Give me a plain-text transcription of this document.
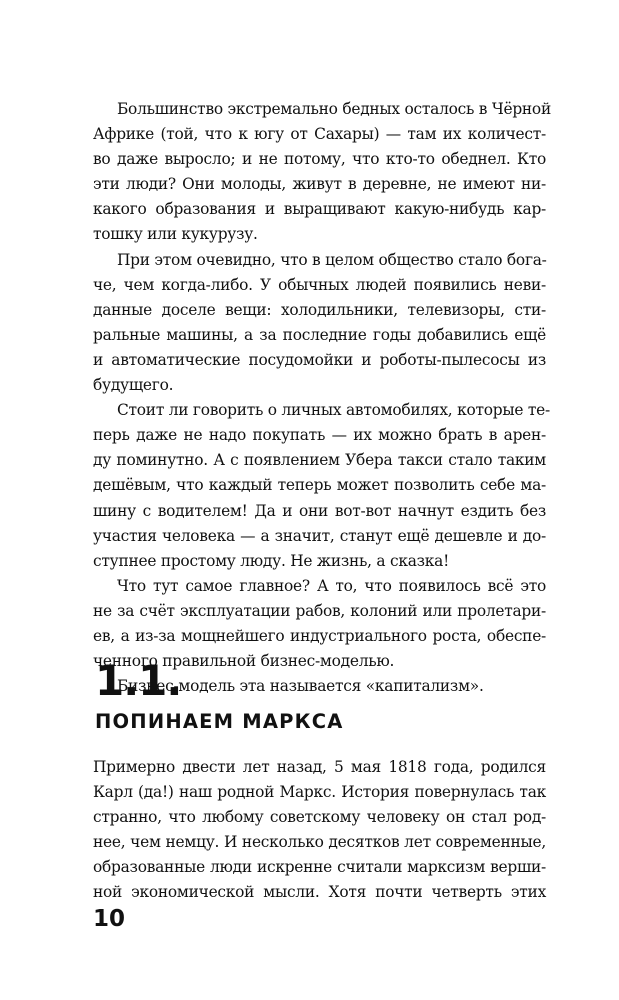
Большинство экстремально бедных осталось в Чёрной
Африке (той, что к югу от Сахары) — там их количест-
во даже выросло; и не потому, что кто-то обеднел. Кто
эти люди? Они молоды, живут в деревне, не имеют ни-
какого образования и выращивают какую-нибудь кар-
тошку или кукурузу.
При этом очевидно, что в целом общество стало бога-
че, чем когда-либо. У обычных людей появились неви-
данные доселе вещи: холодильники, телевизоры, сти-
ральные машины, а за последние годы добавились ещё
и автоматические посудомойки и роботы-пылесосы из
будущего.
Стоит ли говорить о личных автомобилях, которые те-
перь даже не надо покупать — их можно брать в арен-
ду поминутно. А с появлением Убера такси стало таким
дешёвым, что каждый теперь может позволить себе ма-
шину с водителем! Да и они вот-вот начнут ездить без
участия человека — а значит, станут ещё дешевле и до-
ступнее простому люду. Не жизнь, а сказка!
Что тут самое главное? А то, что появилось всё это
не за счёт эксплуатации рабов, колоний или пролетари-
ев, а из-за мощнейшего индустриального роста, обеспе-
ченного правильной бизнес-моделью.
Бизнес-модель эта называется «капитализм».
1.1.
ПОПИНАЕМ МАРКСА
Примерно двести лет назад, 5 мая 1818 года, родился
Карл (да!) наш родной Маркс. История повернулась так
странно, что любому советскому человеку он стал род-
нее, чем немцу. И несколько десятков лет современные,
образованные люди искренне считали марксизм верши-
ной экономической мысли. Хотя почти четверть этих
10
